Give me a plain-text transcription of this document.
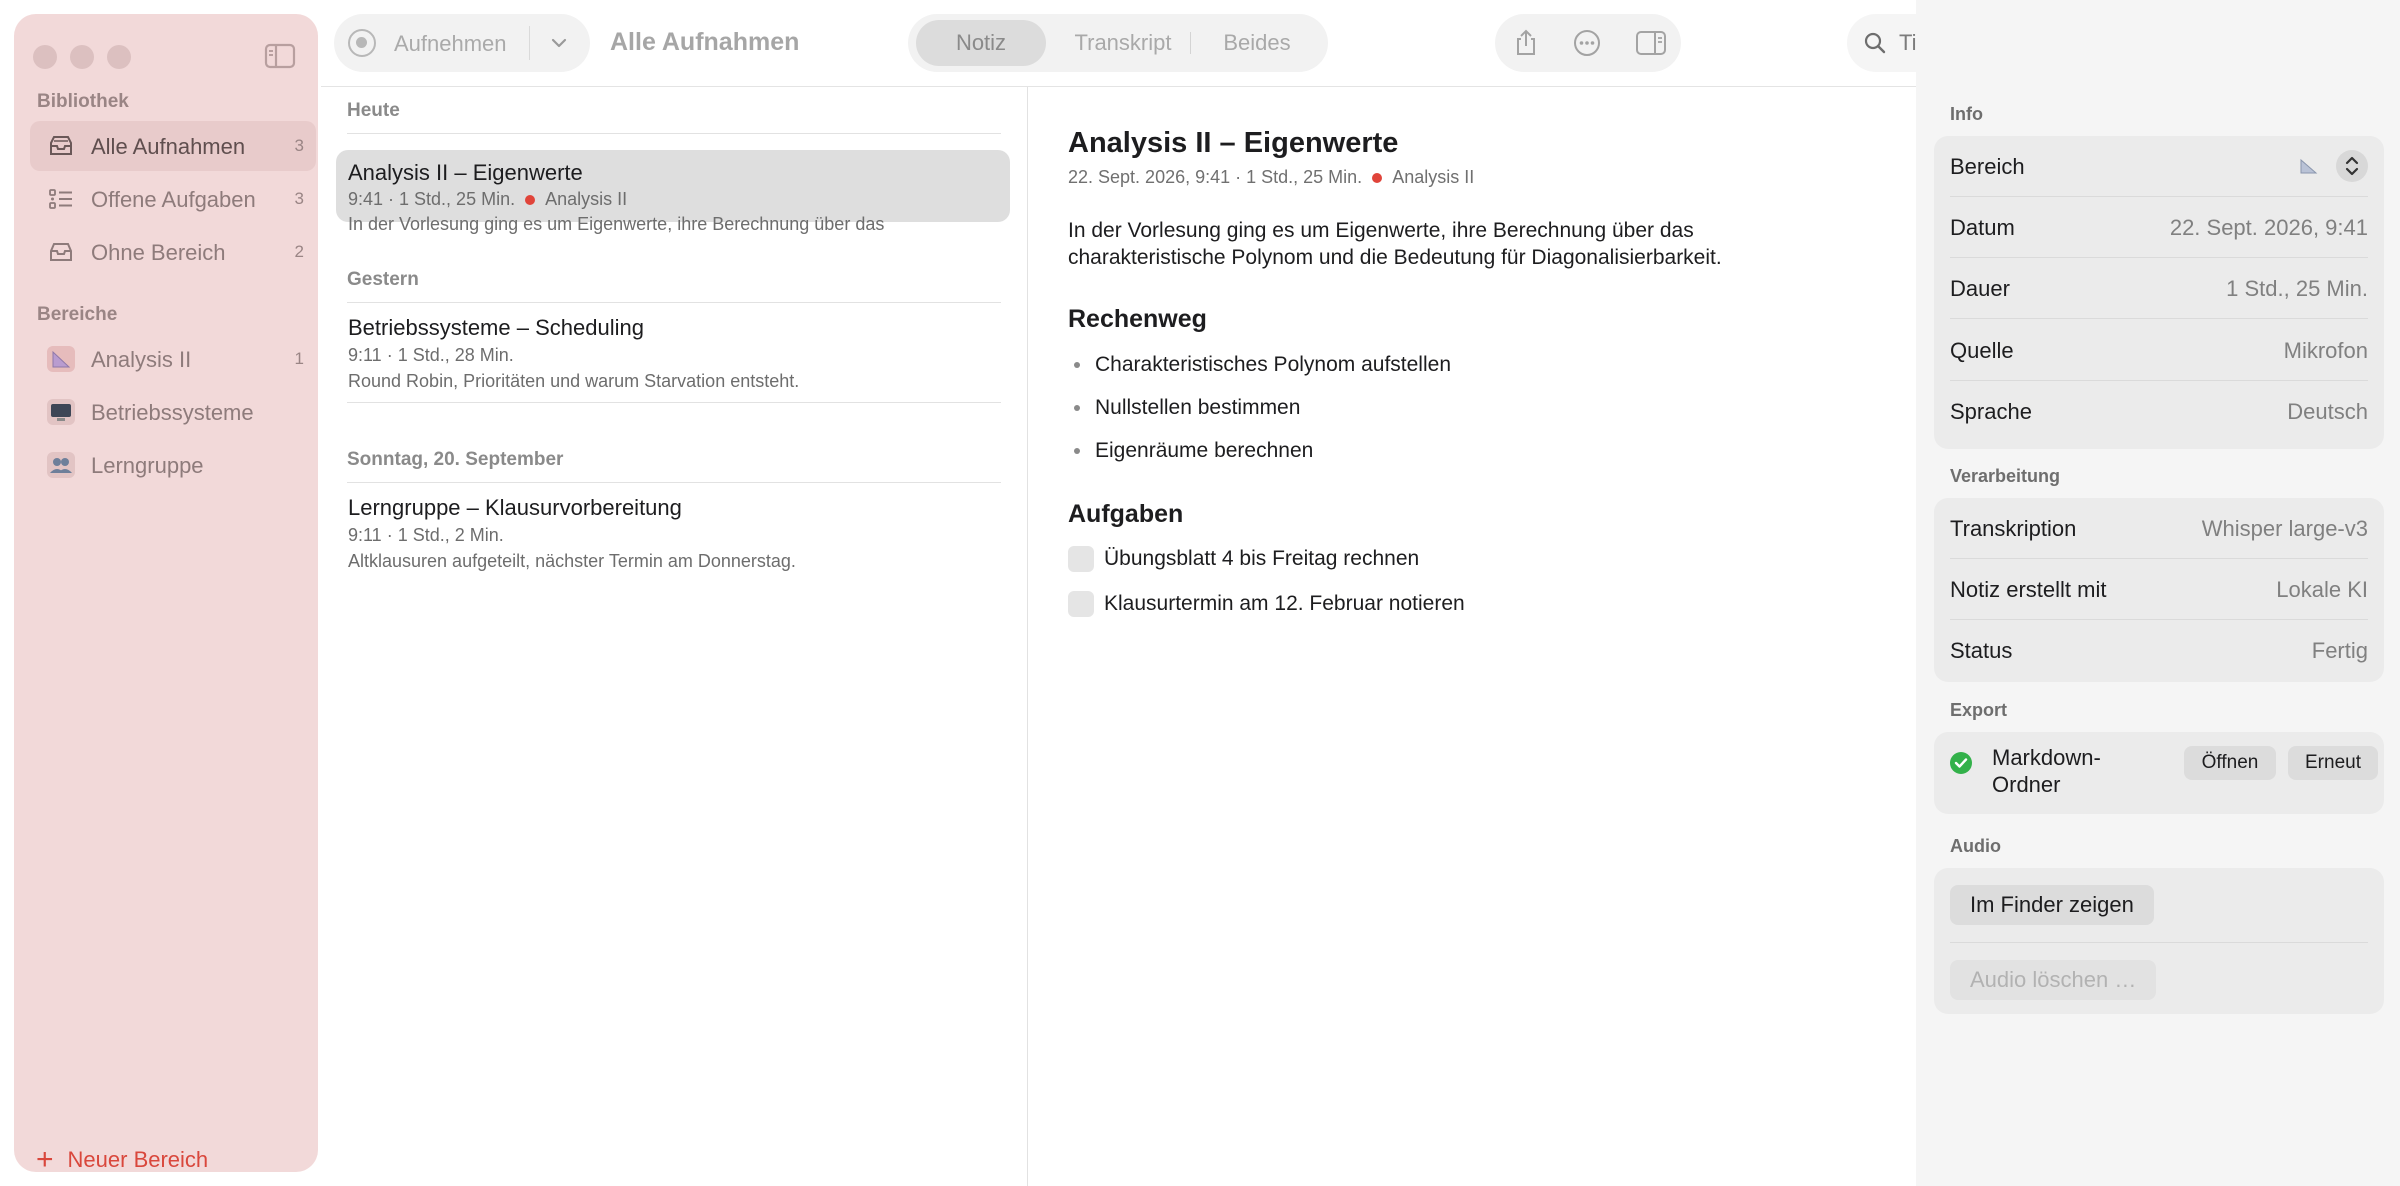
Bibliothek
Alle Aufnahmen	3
Offene Aufgaben 3
Ohne Bereich	2
Bereiche
Analysis II	1
Betriebssysteme
Lerngruppe
+ Neuer Bereich
Aufnehmen	Alle Aufnahmen	Notiz	Transkript	Beides
Titel, Notizen, Transkripte
Heute
Analysis II – Eigenwerte
9:41 · 1 Std., 25 Min. Analysis II
In der Vorlesung ging es um Eigenwerte, ihre Berechnung über das
Gestern
Betriebssysteme – Scheduling
9:11 · 1 Std., 28 Min.
Round Robin, Prioritäten und warum Starvation entsteht.
Sonntag, 20. September
Lerngruppe – Klausurvorbereitung
9:11 · 1 Std., 2 Min.
Altklausuren aufgeteilt, nächster Termin am Donnerstag.
Analysis II – Eigenwerte
22. Sept. 2026, 9:41 · 1 Std., 25 Min. Analysis II
In der Vorlesung ging es um Eigenwerte, ihre Berechnung über das charakteristische Polynom und die Bedeutung für Diagonalisierbarkeit.
Rechenweg
Charakteristisches Polynom aufstellen
Nullstellen bestimmen
Eigenräume berechnen
Aufgaben
Übungsblatt 4 bis Freitag rechnen
Klausurtermin am 12. Februar notieren
Info
Bereich
Datum	22. Sept. 2026, 9:41
Dauer	1 Std., 25 Min.
Quelle	Mikrofon
Sprache	Deutsch
Verarbeitung
Transkription	Whisper large-v3
Notiz erstellt mit	Lokale KI
Status	Fertig
Export
Markdown-Ordner
Öffnen	Erneut
Audio
Im Finder zeigen
Audio löschen …
